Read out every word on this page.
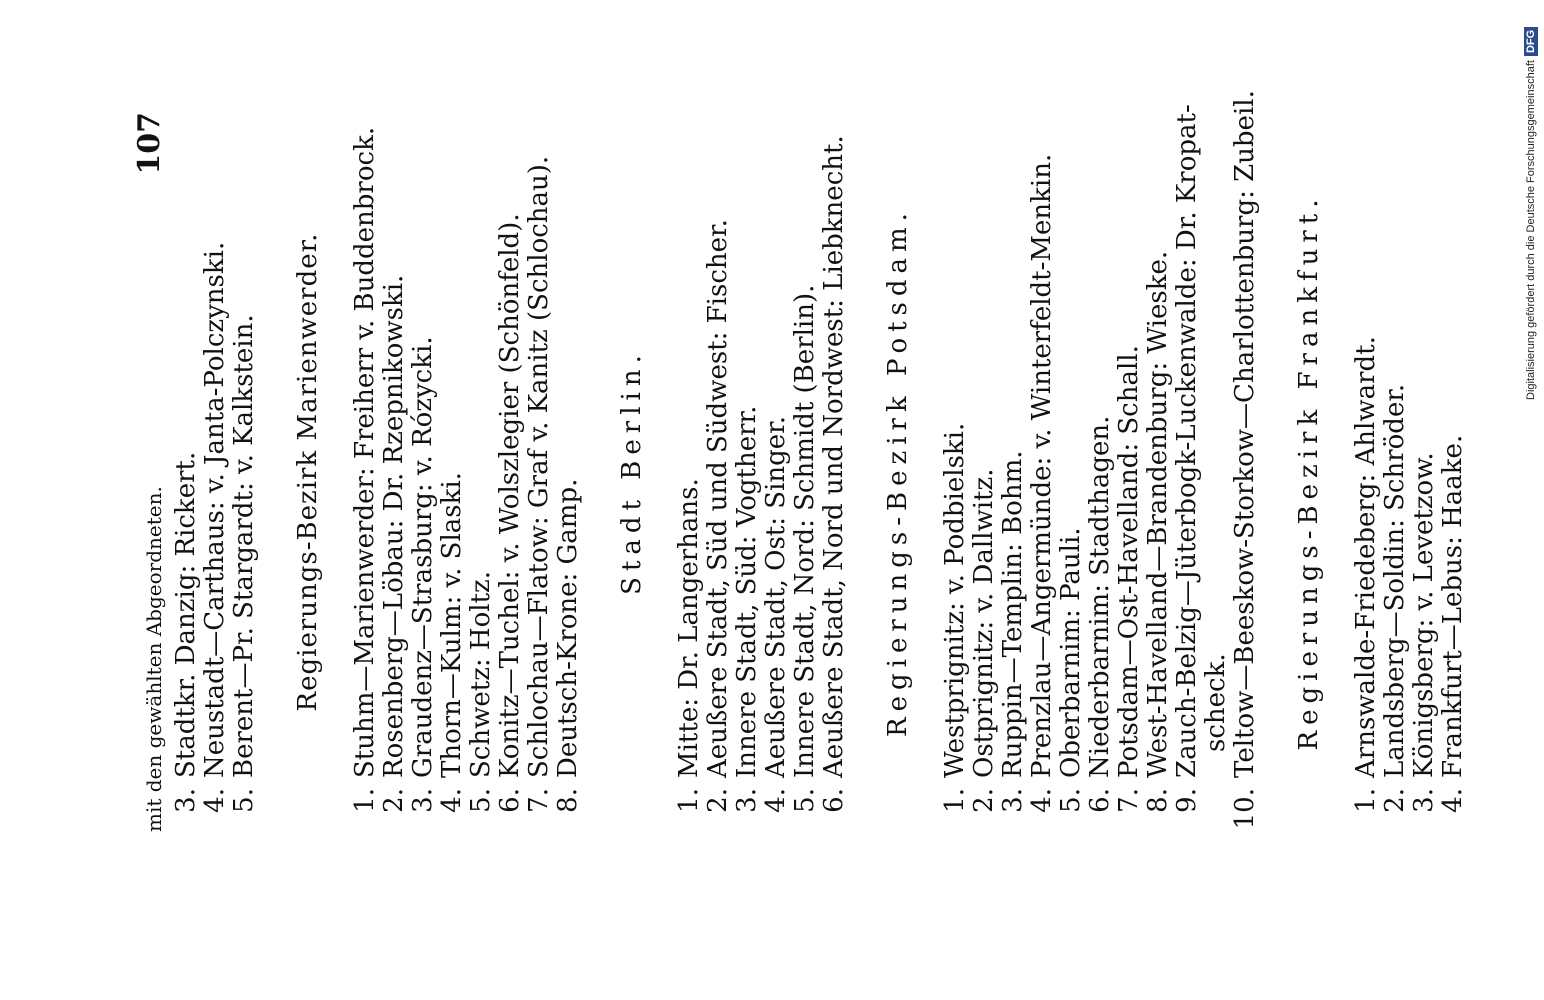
mit den gewählten Abgeordneten.
107
3.
Stadtkr. Danzig: Rickert.
4.
Neustadt—Carthaus: v. Janta-Polczynski.
5.
Berent—Pr. Stargardt: v. Kalkstein. Regierungs-Bezirk Marienwerder.
1.
Stuhm—Marienwerder: Freiherr v. Buddenbrock.
2.
Rosenberg—Löbau: Dr. Rzepnikowski.
3.
Graudenz—Strasburg: v. Rózycki.
4.
Thorn—Kulm: v. Slaski.
5.
Schwetz: Holtz.
6.
Konitz—Tuchel: v. Wolszlegier (Schönfeld).
7.
Schlochau—Flatow: Graf v. Kanitz (Schlochau).
8.
Deutsch-Krone: Gamp.
Stadt Berlin.
1.
Mitte: Dr. Langerhans.
2.
Aeußere Stadt, Süd und Südwest: Fischer.
3.
Innere Stadt, Süd: Vogtherr.
4.
Aeußere Stadt, Ost: Singer.
5.
Innere Stadt, Nord: Schmidt (Berlin).
6.
Aeußere Stadt, Nord und Nordwest: Liebknecht. Regierungs-Bezirk Potsdam.
1.
Westprignitz: v. Podbielski.
2.
Ostprignitz: v. Dallwitz.
3.
Ruppin—Templin: Bohm.
4.
Prenzlau—Angermünde: v. Winterfeldt-Menkin.
5.
Oberbarnim: Pauli.
6.
Niederbarnim: Stadthagen.
7.
Potsdam—Ost-Havelland: Schall.
8.
West-Havelland—Brandenburg: Wieske.
9.
Zauch-Belzig—Jüterbogk-Luckenwalde: Dr. Kropat- scheck.
10.
Teltow—Beeskow-Storkow—Charlottenburg: Zubeil. Regierungs-Bezirk Frankfurt.
1.
Arnswalde-Friedeberg: Ahlwardt.
2.
Landsberg—Soldin: Schröder.
3.
Königsberg: v. Levetzow.
4.
Frankfurt—Lebus: Haake.
Digitalisierung gefördert durch die Deutsche ForschungsgemeinschaftDFG
